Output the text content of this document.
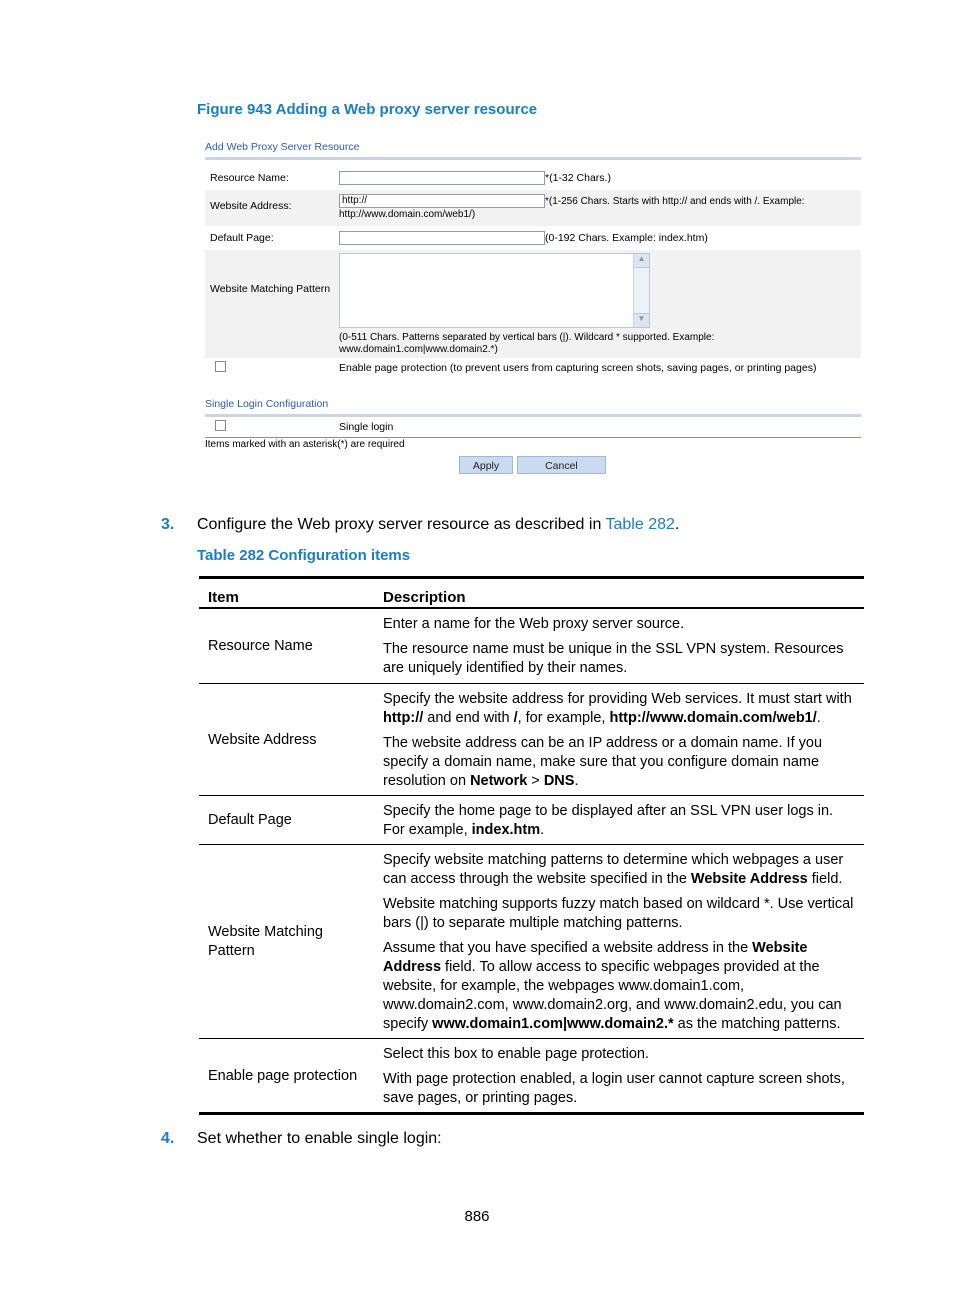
Figure 943 Adding a Web proxy server resource
Add Web Proxy Server Resource
Resource Name:	*(1-32 Chars.)
Website Address:	http://	*(1-256 Chars. Starts with http:// and ends with /. Example:
http://www.domain.com/web1/)
Default Page:	(0-192 Chars. Example: index.htm)
Website Matching Pattern
▲
▼
(0-511 Chars. Patterns separated by vertical bars (|). Wildcard * supported. Example:
www.domain1.com|www.domain2.*)
Enable page protection (to prevent users from capturing screen shots, saving pages, or printing pages)
Single Login Configuration
Single login
Items marked with an asterisk(*) are required
Apply	Cancel
3. Configure the Web proxy server resource as described in Table 282.
Table 282 Configuration items
Item	Description
Resource Name	Enter a name for the Web proxy server source.

The resource name must be unique in the SSL VPN system. Resources are uniquely identified by their names.

Website Address	Specify the website address for providing Web services. It must start with http:// and end with /, for example, http://www.domain.com/web1/.

The website address can be an IP address or a domain name. If you specify a domain name, make sure that you configure domain name resolution on Network > DNS.

Default Page	Specify the home page to be displayed after an SSL VPN user logs in. For example, index.htm.

Website Matching Pattern	Specify website matching patterns to determine which webpages a user can access through the website specified in the Website Address field.

Website matching supports fuzzy match based on wildcard *. Use vertical bars (|) to separate multiple matching patterns.

Assume that you have specified a website address in the Website Address field. To allow access to specific webpages provided at the website, for example, the webpages www.domain1.com, www.domain2.com, www.domain2.org, and www.domain2.edu, you can specify www.domain1.com|www.domain2.* as the matching patterns.

Enable page protection	Select this box to enable page protection.

With page protection enabled, a login user cannot capture screen shots, save pages, or printing pages.

4. Set whether to enable single login:
886
